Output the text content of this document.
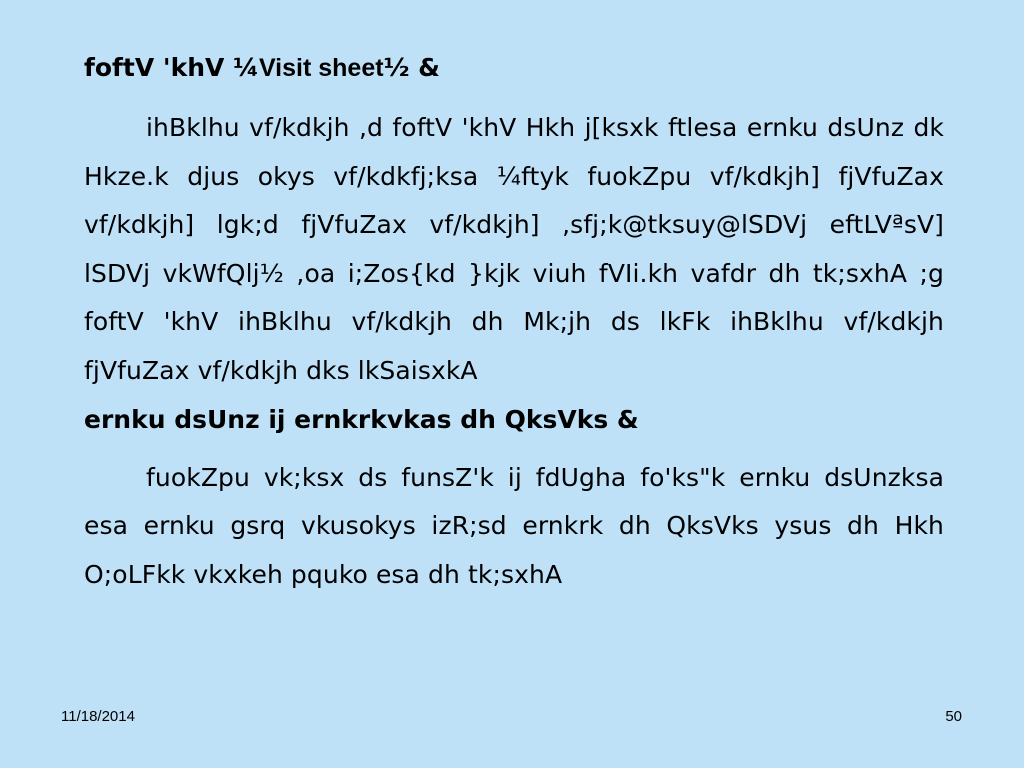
foftV 'khV ¼Visit sheet½ &

ihBklhu vf/kdkjh ,d foftV 'khV Hkh j[ksxk ftlesa ernku dsUnz dk Hkze.k djus okys vf/kdkfj;ksa ¼ftyk fuokZpu vf/kdkjh] fjVfuZax vf/kdkjh] lgk;d fjVfuZax vf/kdkjh] ,sfj;k@tksuy@lSDVj eftLVªsV] lSDVj vkWfQlj½ ,oa i;Zos{kd }kjk viuh fVIi.kh vafdr dh tk;sxhA ;g foftV 'khV ihBklhu vf/kdkjh dh Mk;jh ds lkFk ihBklhu vf/kdkjh fjVfuZax vf/kdkjh dks lkSaisxkA

ernku dsUnz ij ernkrkvkas dh QksVks &

fuokZpu vk;ksx ds funsZ'k ij fdUgha fo'ks"k ernku dsUnzksa esa ernku gsrq vkusokys izR;sd ernkrk dh QksVks ysus dh Hkh O;oLFkk vkxkeh pquko esa dh tk;sxhA

11/18/2014	50
